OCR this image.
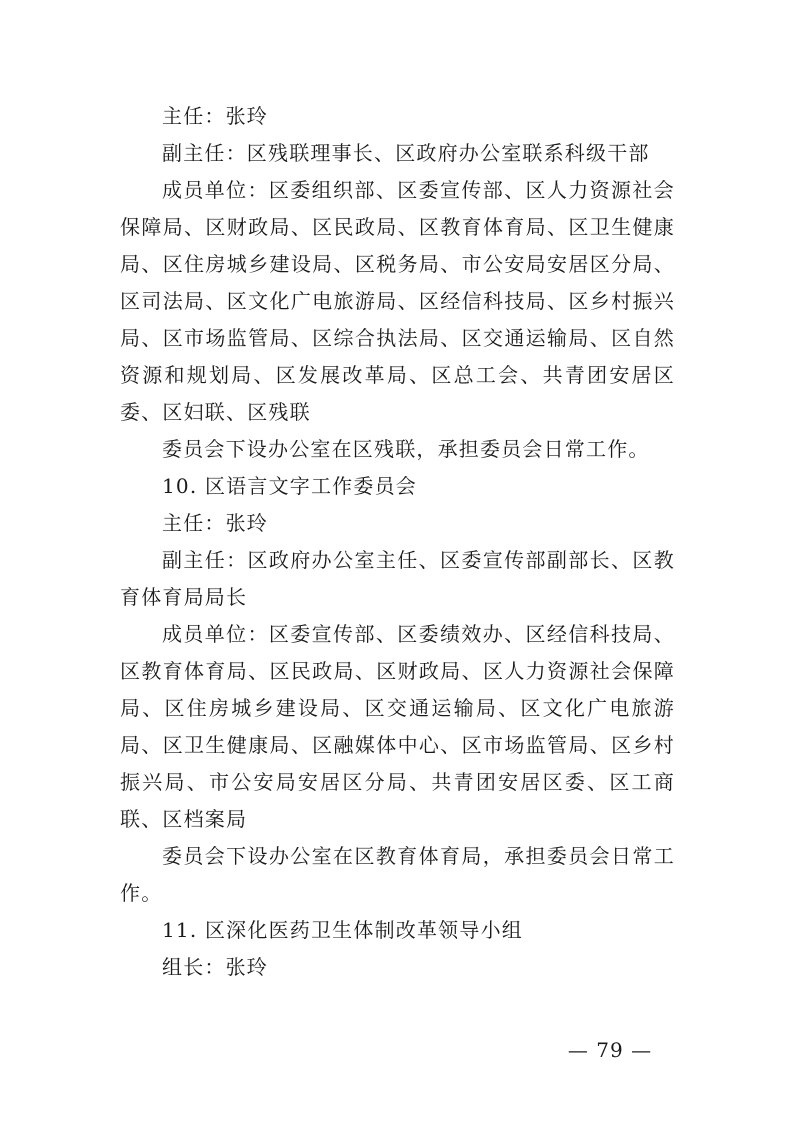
主任：张玲

副主任：区残联理事长、区政府办公室联系科级干部

成员单位：区委组织部、区委宣传部、区人力资源社会保障局、区财政局、区民政局、区教育体育局、区卫生健康局、区住房城乡建设局、区税务局、市公安局安居区分局、区司法局、区文化广电旅游局、区经信科技局、区乡村振兴局、区市场监管局、区综合执法局、区交通运输局、区自然资源和规划局、区发展改革局、区总工会、共青团安居区委、区妇联、区残联

委员会下设办公室在区残联，承担委员会日常工作。

10. 区语言文字工作委员会

主任：张玲

副主任：区政府办公室主任、区委宣传部副部长、区教育体育局局长

成员单位：区委宣传部、区委绩效办、区经信科技局、区教育体育局、区民政局、区财政局、区人力资源社会保障局、区住房城乡建设局、区交通运输局、区文化广电旅游局、区卫生健康局、区融媒体中心、区市场监管局、区乡村振兴局、市公安局安居区分局、共青团安居区委、区工商联、区档案局

委员会下设办公室在区教育体育局，承担委员会日常工作。

11. 区深化医药卫生体制改革领导小组

组长：张玲

— 79 —
